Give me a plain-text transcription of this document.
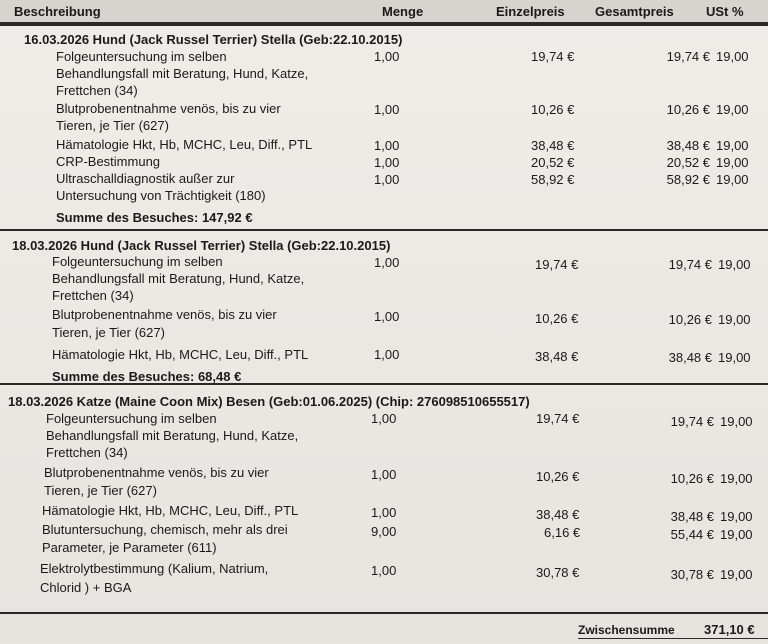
Beschreibung	Menge	Einzelpreis Gesamtpreis USt %
16.03.2026 Hund (Jack Russel Terrier) Stella (Geb:22.10.2015)
Folgeuntersuchung im selben
Behandlungsfall mit Beratung, Hund, Katze,
Frettchen (34)
1,00	19,74 €	19,74 € 19,00
Blutprobenentnahme venös, bis zu vier
Tieren, je Tier (627)
1,00	10,26 €	10,26 € 19,00
Hämatologie Hkt, Hb, MCHC, Leu, Diff., PTL	1,00	38,48 €	38,48 € 19,00
CRP-Bestimmung	1,00	20,52 €	20,52 € 19,00
Ultraschalldiagnostik außer zur
Untersuchung von Trächtigkeit (180)
1,00	58,92 €	58,92 € 19,00
Summe des Besuches: 147,92 €
18.03.2026 Hund (Jack Russel Terrier) Stella (Geb:22.10.2015)
Folgeuntersuchung im selben
Behandlungsfall mit Beratung, Hund, Katze,
Frettchen (34)
1,00	19,74 €	19,74 € 19,00
Blutprobenentnahme venös, bis zu vier
Tieren, je Tier (627)
1,00	10,26 €	10,26 € 19,00
Hämatologie Hkt, Hb, MCHC, Leu, Diff., PTL	1,00	38,48 €	38,48 € 19,00
Summe des Besuches: 68,48 €
18.03.2026 Katze (Maine Coon Mix) Besen (Geb:01.06.2025) (Chip: 276098510655517)
Folgeuntersuchung im selben
Behandlungsfall mit Beratung, Hund, Katze,
Frettchen (34)
1,00	19,74 €	19,74 € 19,00
Blutprobenentnahme venös, bis zu vier
Tieren, je Tier (627)
1,00	10,26 €	10,26 € 19,00
Hämatologie Hkt, Hb, MCHC, Leu, Diff., PTL	1,00	38,48 €	38,48 € 19,00
Blutuntersuchung, chemisch, mehr als drei
Parameter, je Parameter (611)
9,00	6,16 €	55,44 € 19,00
Elektrolytbestimmung (Kalium, Natrium,
Chlorid ) + BGA
1,00	30,78 €	30,78 € 19,00
Zwischensumme 371,10 €
